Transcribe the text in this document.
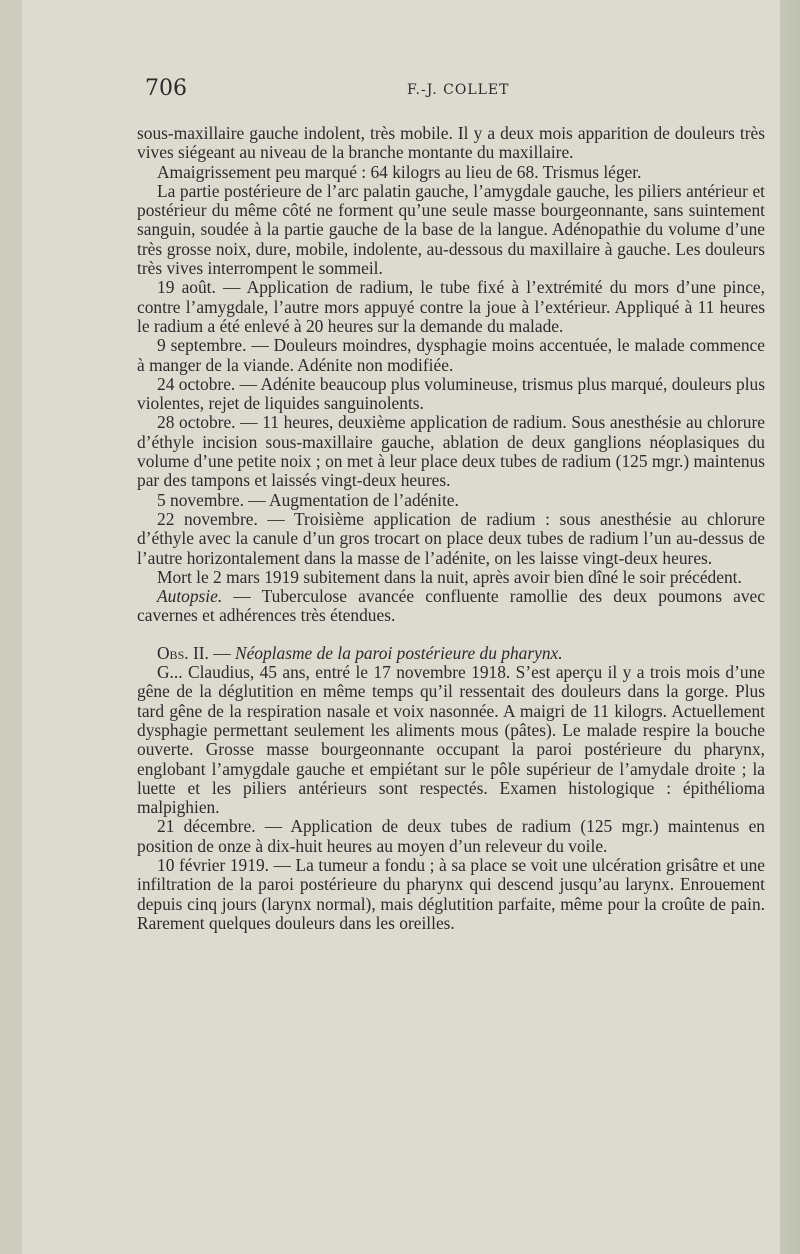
706	F.-J. COLLET

sous-maxillaire gauche indolent, très mobile. Il y a deux mois apparition de douleurs très vives siégeant au niveau de la branche montante du maxillaire.

Amaigrissement peu marqué : 64 kilogrs au lieu de 68. Trismus léger.

La partie postérieure de l’arc palatin gauche, l’amygdale gauche, les piliers antérieur et postérieur du même côté ne forment qu’une seule masse bourgeonnante, sans suintement sanguin, soudée à la partie gauche de la base de la langue. Adénopathie du volume d’une très grosse noix, dure, mobile, indolente, au-dessous du maxillaire à gauche. Les douleurs très vives interrompent le sommeil.

19 août. — Application de radium, le tube fixé à l’extrémité du mors d’une pince, contre l’amygdale, l’autre mors appuyé contre la joue à l’extérieur. Appliqué à 11 heures le radium a été enlevé à 20 heures sur la demande du malade.

9 septembre. — Douleurs moindres, dysphagie moins accentuée, le malade commence à manger de la viande. Adénite non modifiée.

24 octobre. — Adénite beaucoup plus volumineuse, trismus plus marqué, douleurs plus violentes, rejet de liquides sanguinolents.

28 octobre. — 11 heures, deuxième application de radium. Sous anesthésie au chlorure d’éthyle incision sous-maxillaire gauche, ablation de deux ganglions néoplasiques du volume d’une petite noix ; on met à leur place deux tubes de radium (125 mgr.) maintenus par des tampons et laissés vingt-deux heures.

5 novembre. — Augmentation de l’adénite.

22 novembre. — Troisième application de radium : sous anesthésie au chlorure d’éthyle avec la canule d’un gros trocart on place deux tubes de radium l’un au-dessus de l’autre horizontalement dans la masse de l’adénite, on les laisse vingt-deux heures.

Mort le 2 mars 1919 subitement dans la nuit, après avoir bien dîné le soir précédent.

Autopsie. — Tuberculose avancée confluente ramollie des deux poumons avec cavernes et adhérences très étendues.

Obs. II. — Néoplasme de la paroi postérieure du pharynx.

G... Claudius, 45 ans, entré le 17 novembre 1918. S’est aperçu il y a trois mois d’une gêne de la déglutition en même temps qu’il ressentait des douleurs dans la gorge. Plus tard gêne de la respiration nasale et voix nasonnée. A maigri de 11 kilogrs. Actuellement dysphagie permettant seulement les aliments mous (pâtes). Le malade respire la bouche ouverte. Grosse masse bourgeonnante occupant la paroi postérieure du pharynx, englobant l’amygdale gauche et empiétant sur le pôle supérieur de l’amydale droite ; la luette et les piliers antérieurs sont respectés. Examen histologique : épithélioma malpighien.

21 décembre. — Application de deux tubes de radium (125 mgr.) maintenus en position de onze à dix-huit heures au moyen d’un releveur du voile.

10 février 1919. — La tumeur a fondu ; à sa place se voit une ulcération grisâtre et une infiltration de la paroi postérieure du pharynx qui descend jusqu’au larynx. Enrouement depuis cinq jours (larynx normal), mais déglutition parfaite, même pour la croûte de pain. Rarement quelques douleurs dans les oreilles.
